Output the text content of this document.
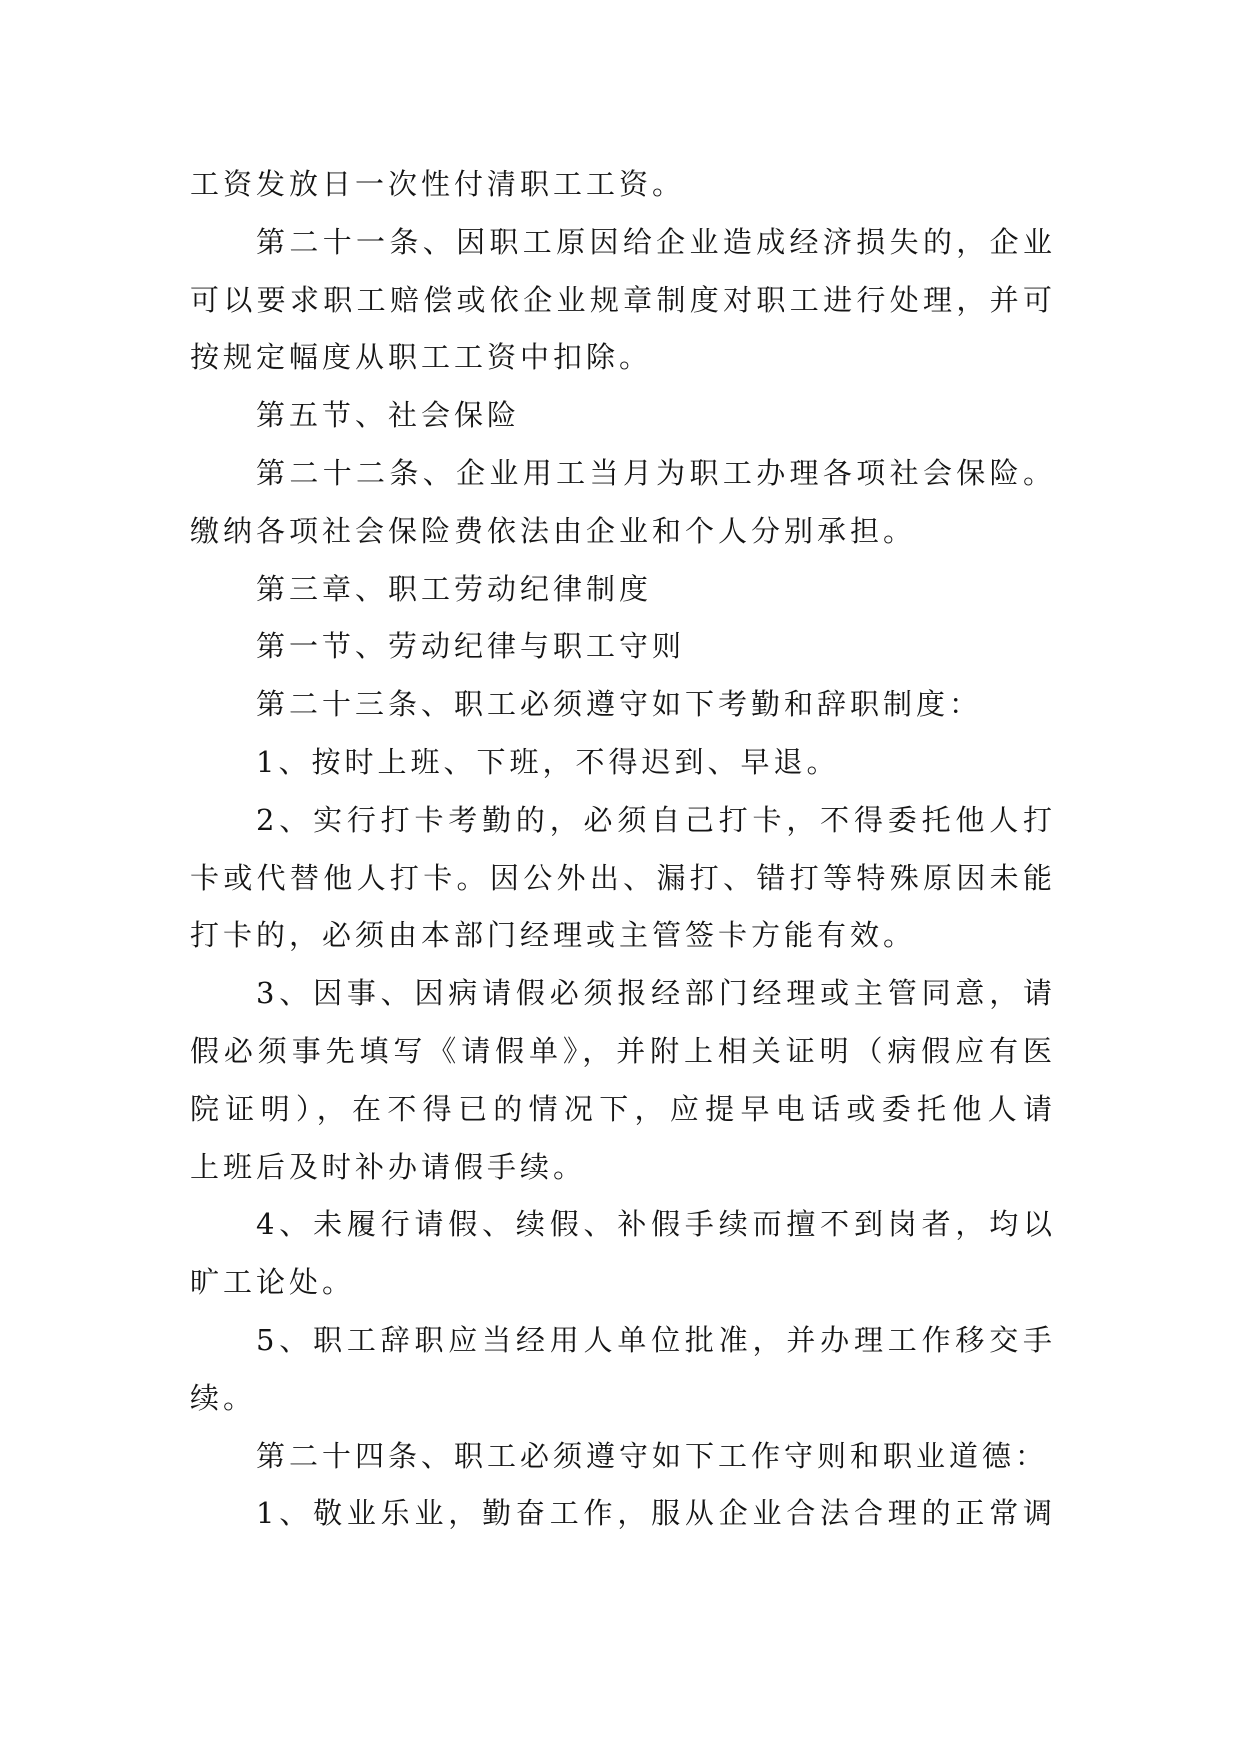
工资发放日一次性付清职工工资。
第二十一条、因职工原因给企业造成经济损失的，企业
可以要求职工赔偿或依企业规章制度对职工进行处理，并可
按规定幅度从职工工资中扣除。
第五节、社会保险
第二十二条、企业用工当月为职工办理各项社会保险。
缴纳各项社会保险费依法由企业和个人分别承担。
第三章、职工劳动纪律制度
第一节、劳动纪律与职工守则
第二十三条、职工必须遵守如下考勤和辞职制度：
1、按时上班、下班，不得迟到、早退。
2、实行打卡考勤的，必须自己打卡，不得委托他人打
卡或代替他人打卡。因公外出、漏打、错打等特殊原因未能
打卡的，必须由本部门经理或主管签卡方能有效。
3、因事、因病请假必须报经部门经理或主管同意，请
假必须事先填写《请假单》，并附上相关证明（病假应有医
院证明），在不得已的情况下，应提早电话或委托他人请
上班后及时补办请假手续。
4、未履行请假、续假、补假手续而擅不到岗者，均以
旷工论处。
5、职工辞职应当经用人单位批准，并办理工作移交手
续。
第二十四条、职工必须遵守如下工作守则和职业道德：
1、敬业乐业，勤奋工作，服从企业合法合理的正常调
